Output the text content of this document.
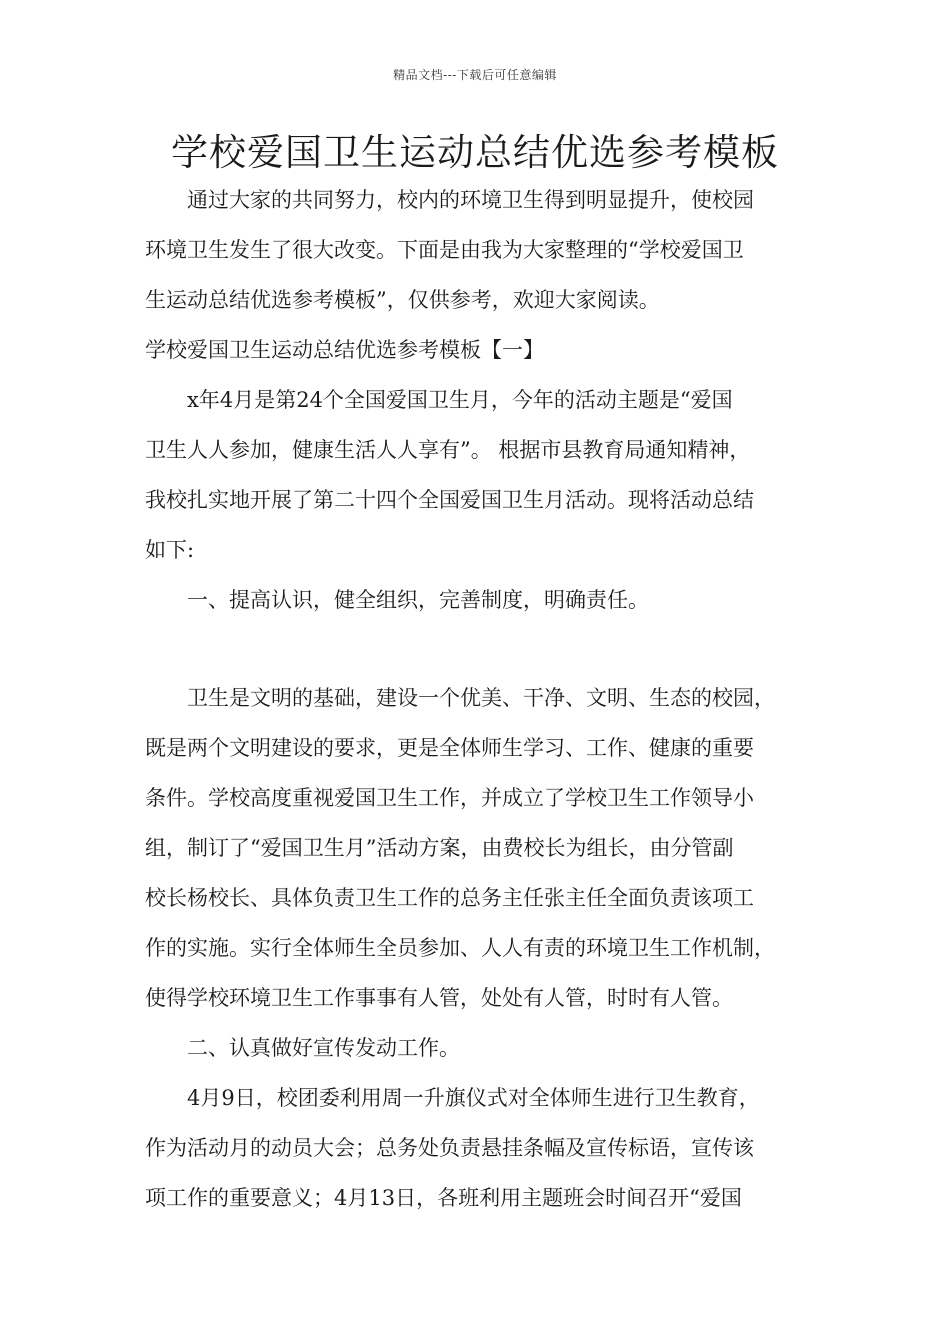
精品文档---下载后可任意编辑
学校爱国卫生运动总结优选参考模板
　　通过大家的共同努力，校内的环境卫生得到明显提升，使校园
环境卫生发生了很大改变。下面是由我为大家整理的“学校爱国卫
生运动总结优选参考模板”，仅供参考，欢迎大家阅读。
学校爱国卫生运动总结优选参考模板【一】
　　x年4月是第24个全国爱国卫生月，今年的活动主题是“爱国
卫生人人参加，健康生活人人享有”。 根据市县教育局通知精神，
我校扎实地开展了第二十四个全国爱国卫生月活动。现将活动总结
如下:
　　一、提高认识，健全组织，完善制度，明确责任。
　　卫生是文明的基础，建设一个优美、干净、文明、生态的校园，
既是两个文明建设的要求，更是全体师生学习、工作、健康的重要
条件。学校高度重视爱国卫生工作，并成立了学校卫生工作领导小
组，制订了“爱国卫生月”活动方案，由费校长为组长，由分管副
校长杨校长、具体负责卫生工作的总务主任张主任全面负责该项工
作的实施。实行全体师生全员参加、人人有责的环境卫生工作机制，
使得学校环境卫生工作事事有人管，处处有人管，时时有人管。
　　二、认真做好宣传发动工作。
　　4月9日，校团委利用周一升旗仪式对全体师生进行卫生教育，
作为活动月的动员大会；总务处负责悬挂条幅及宣传标语，宣传该
项工作的重要意义；4月13日，各班利用主题班会时间召开“爱国
